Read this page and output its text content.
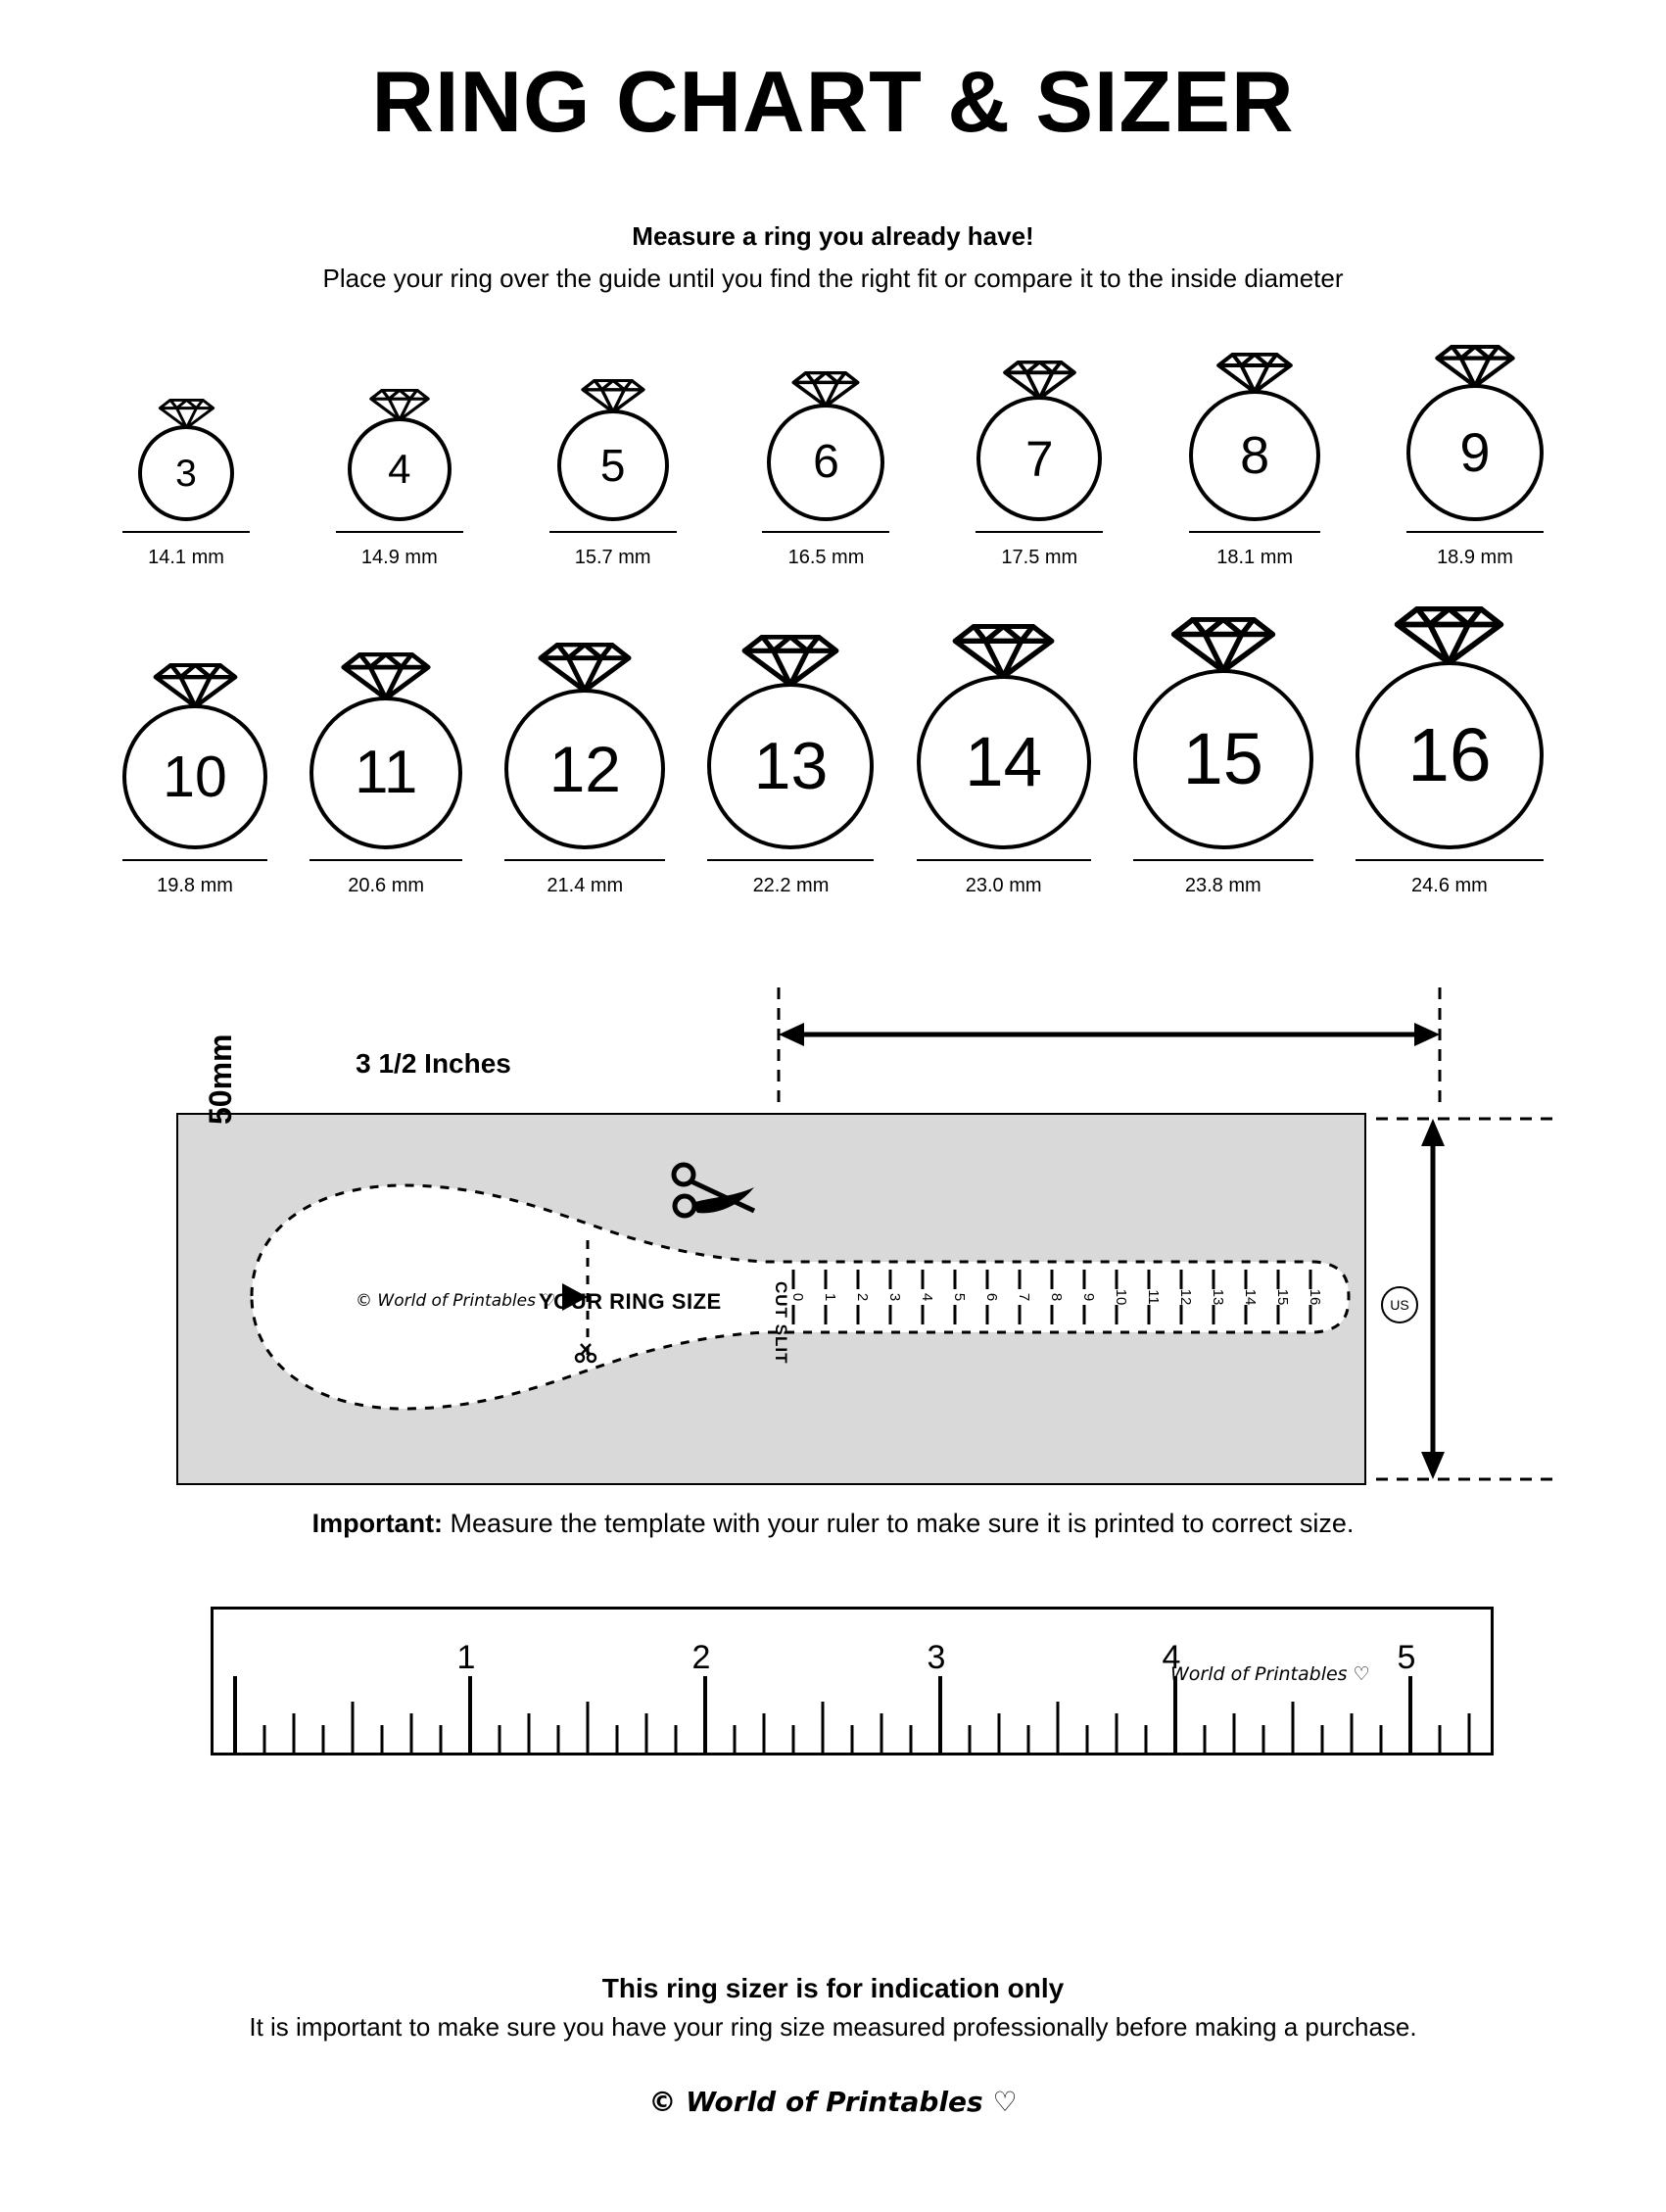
RING CHART & SIZER
Measure a ring you already have!
Place your ring over the guide until you find the right fit or compare it to the inside diameter
3
14.1 mm
4
14.9 mm
5
15.7 mm
6
16.5 mm
7
17.5 mm
8
18.1 mm
9
18.9 mm
10
19.8 mm
11
20.6 mm
12
21.4 mm
13
22.2 mm
14
23.0 mm
15
23.8 mm
16
24.6 mm
3 1/2 Inches
0 1 2 3 4 5 6 7 8 9 10 11 12 13 14 15 16
© World of Printables ♡
YOUR RING SIZE	CUT SLIT	US
50mm
Important: Measure the template with your ruler to make sure it is printed to correct size.
1	2	3	4	5
World of Printables ♡
This ring sizer is for indication only
It is important to make sure you have your ring size measured professionally before making a purchase.
© World of Printables ♡
